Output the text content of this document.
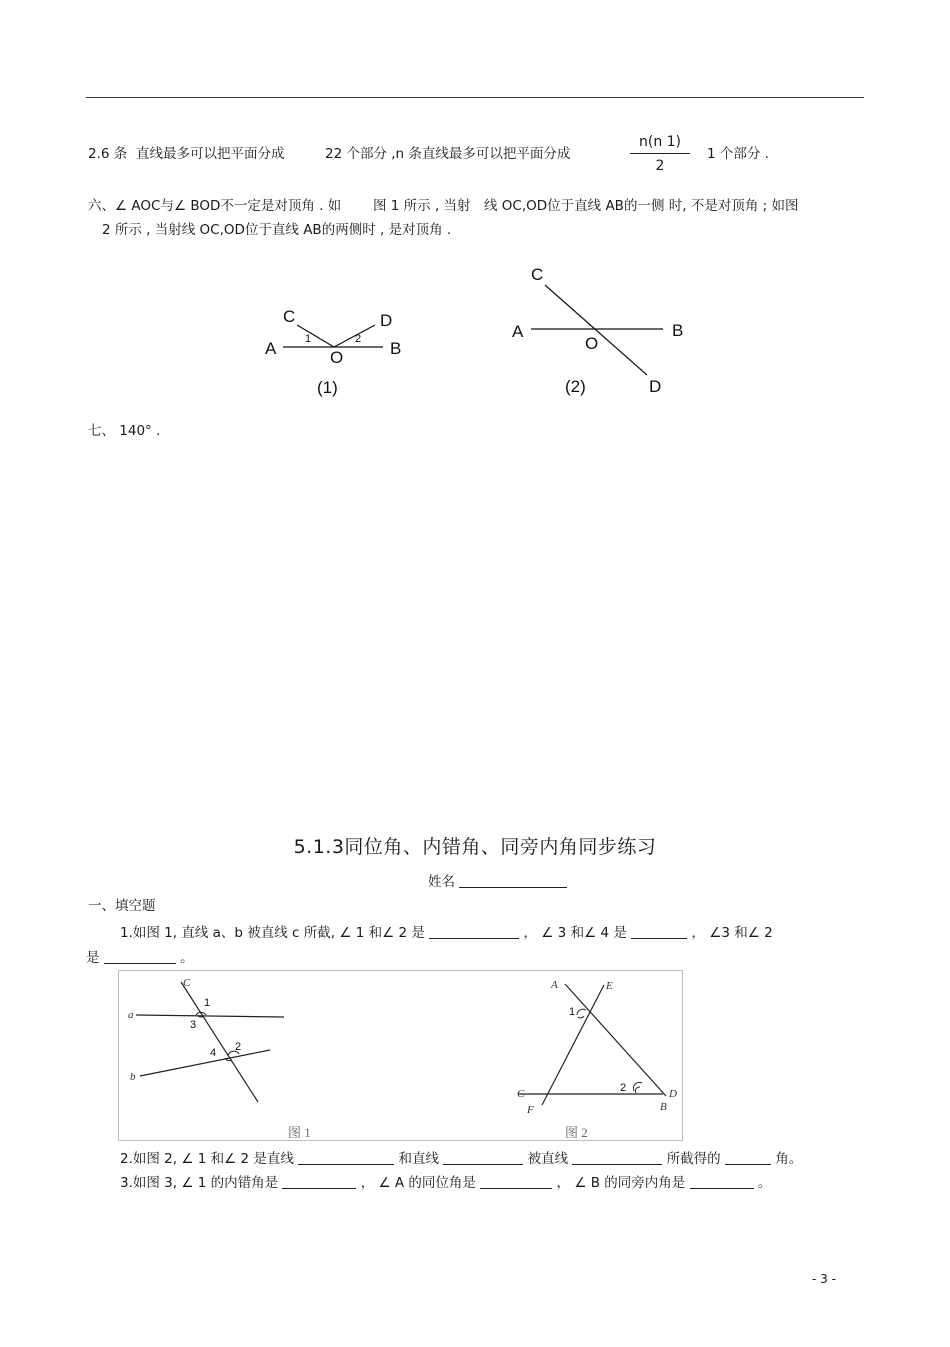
2.6 条 直线最多可以把平面分成	22 个部分 ,n 条直线最多可以把平面分成
n(n 1)
2
1 个部分 .
六、∠ AOC与∠ BOD不一定是对顶角 . 如 图 1 所示 , 当射 线 OC,OD位于直线 AB的一侧 时, 不是对顶角 ; 如图
2 所示 , 当射线 OC,OD位于直线 AB的两侧时 , 是对顶角 .
C	D
A	B
O
1	2
(1)
C
A	B
O
D
(2)
七、 140° .
5.1.3同位角、内错角、同旁内角同步练习
姓名
一、填空题
1.如图 1, 直线 a、b 被直线 c 所截, ∠ 1 和∠ 2 是	， ∠ 3 和∠ 4 是	， ∠3 和∠ 2
是	。
C
a
b
1
3
4 2
图 1
A	E
C	D
F	B
1
2
图 2
2.如图 2, ∠ 1 和∠ 2 是直线	和直线	被直线	所截得的	角。
3.如图 3, ∠ 1 的内错角是	， ∠ A 的同位角是	， ∠ B 的同旁内角是	。
- 3 -
